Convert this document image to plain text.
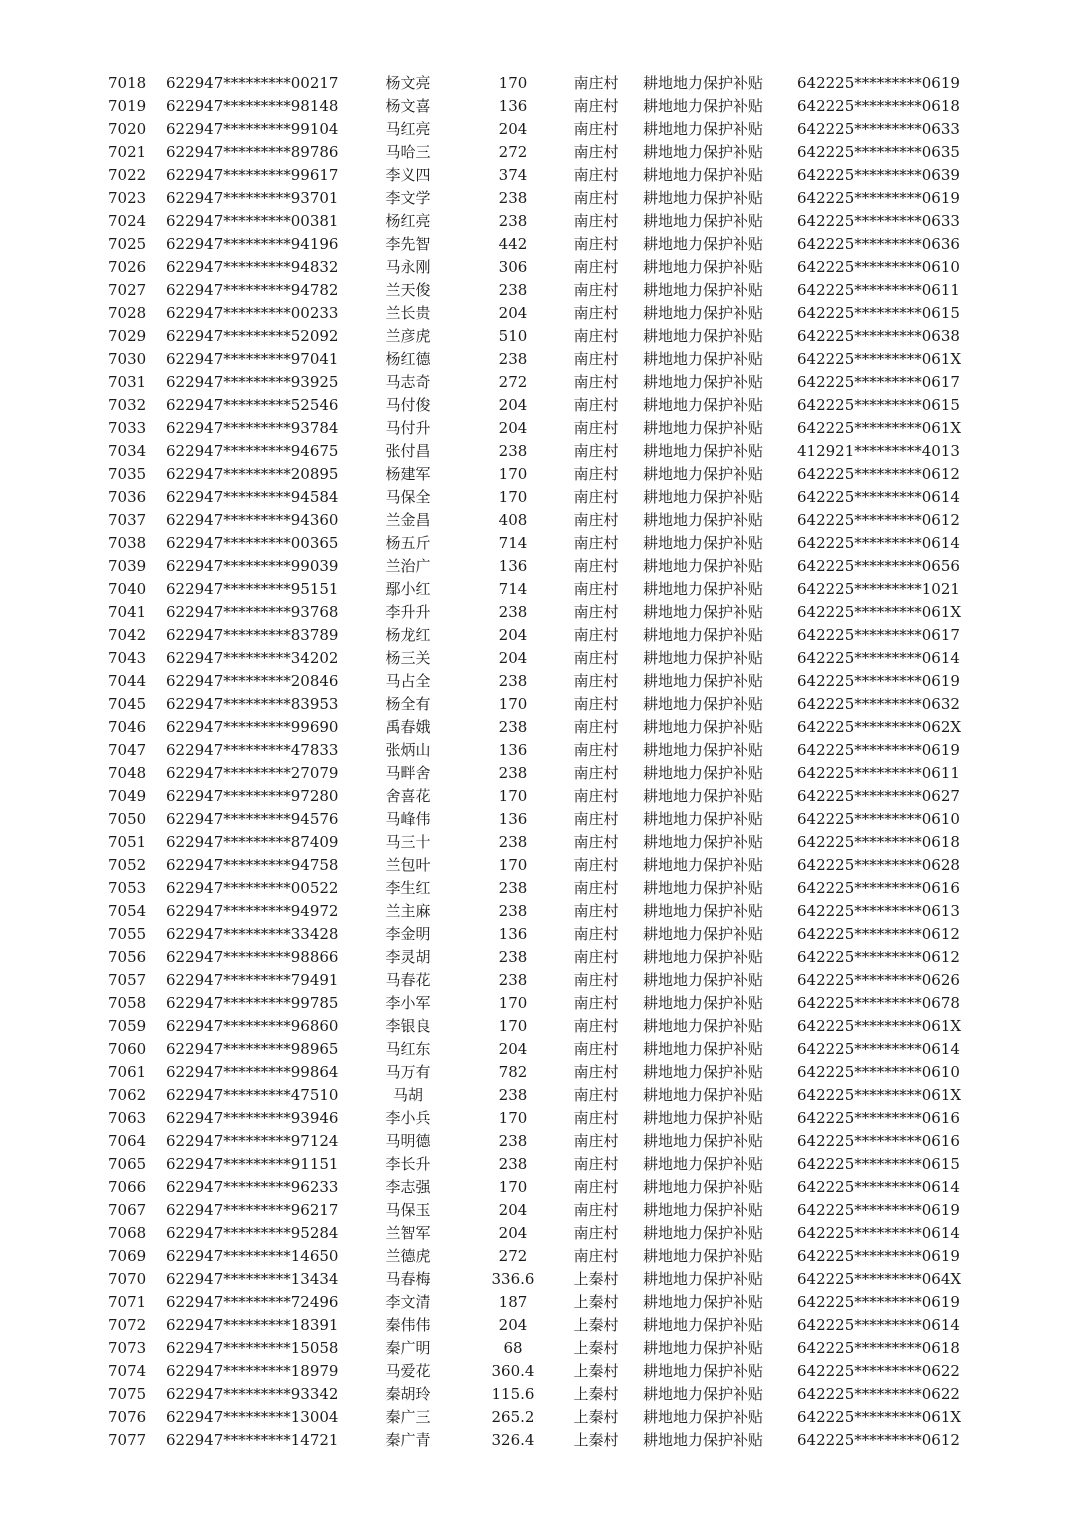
7018 622947*********00217	杨文亮	170	南庄村	耕地地力保护补贴	642225*********0619
7019 622947*********98148	杨文喜	136	南庄村	耕地地力保护补贴	642225*********0618
7020 622947*********99104	马红亮	204	南庄村	耕地地力保护补贴	642225*********0633
7021 622947*********89786	马哈三	272	南庄村	耕地地力保护补贴	642225*********0635
7022 622947*********99617	李义四	374	南庄村	耕地地力保护补贴	642225*********0639
7023 622947*********93701	李文学	238	南庄村	耕地地力保护补贴	642225*********0619
7024 622947*********00381	杨红亮	238	南庄村	耕地地力保护补贴	642225*********0633
7025 622947*********94196	李先智	442	南庄村	耕地地力保护补贴	642225*********0636
7026 622947*********94832	马永刚	306	南庄村	耕地地力保护补贴	642225*********0610
7027 622947*********94782	兰天俊	238	南庄村	耕地地力保护补贴	642225*********0611
7028 622947*********00233	兰长贵	204	南庄村	耕地地力保护补贴	642225*********0615
7029 622947*********52092	兰彦虎	510	南庄村	耕地地力保护补贴	642225*********0638
7030 622947*********97041	杨红德	238	南庄村	耕地地力保护补贴	642225*********061X
7031 622947*********93925	马志奇	272	南庄村	耕地地力保护补贴	642225*********0617
7032 622947*********52546	马付俊	204	南庄村	耕地地力保护补贴	642225*********0615
7033 622947*********93784	马付升	204	南庄村	耕地地力保护补贴	642225*********061X
7034 622947*********94675	张付昌	238	南庄村	耕地地力保护补贴	412921*********4013
7035 622947*********20895	杨建军	170	南庄村	耕地地力保护补贴	642225*********0612
7036 622947*********94584	马保全	170	南庄村	耕地地力保护补贴	642225*********0614
7037 622947*********94360	兰金昌	408	南庄村	耕地地力保护补贴	642225*********0612
7038 622947*********00365	杨五斤	714	南庄村	耕地地力保护补贴	642225*********0614
7039 622947*********99039	兰治广	136	南庄村	耕地地力保护补贴	642225*********0656
7040 622947*********95151	鄢小红	714	南庄村	耕地地力保护补贴	642225*********1021
7041 622947*********93768	李升升	238	南庄村	耕地地力保护补贴	642225*********061X
7042 622947*********83789	杨龙红	204	南庄村	耕地地力保护补贴	642225*********0617
7043 622947*********34202	杨三关	204	南庄村	耕地地力保护补贴	642225*********0614
7044 622947*********20846	马占全	238	南庄村	耕地地力保护补贴	642225*********0619
7045 622947*********83953	杨全有	170	南庄村	耕地地力保护补贴	642225*********0632
7046 622947*********99690	禹春娥	238	南庄村	耕地地力保护补贴	642225*********062X
7047 622947*********47833	张炳山	136	南庄村	耕地地力保护补贴	642225*********0619
7048 622947*********27079	马畔舍	238	南庄村	耕地地力保护补贴	642225*********0611
7049 622947*********97280	舍喜花	170	南庄村	耕地地力保护补贴	642225*********0627
7050 622947*********94576	马峰伟	136	南庄村	耕地地力保护补贴	642225*********0610
7051 622947*********87409	马三十	238	南庄村	耕地地力保护补贴	642225*********0618
7052 622947*********94758	兰包叶	170	南庄村	耕地地力保护补贴	642225*********0628
7053 622947*********00522	李生红	238	南庄村	耕地地力保护补贴	642225*********0616
7054 622947*********94972	兰主麻	238	南庄村	耕地地力保护补贴	642225*********0613
7055 622947*********33428	李金明	136	南庄村	耕地地力保护补贴	642225*********0612
7056 622947*********98866	李灵胡	238	南庄村	耕地地力保护补贴	642225*********0612
7057 622947*********79491	马春花	238	南庄村	耕地地力保护补贴	642225*********0626
7058 622947*********99785	李小军	170	南庄村	耕地地力保护补贴	642225*********0678
7059 622947*********96860	李银良	170	南庄村	耕地地力保护补贴	642225*********061X
7060 622947*********98965	马红东	204	南庄村	耕地地力保护补贴	642225*********0614
7061 622947*********99864	马万有	782	南庄村	耕地地力保护补贴	642225*********0610
7062 622947*********47510	马胡	238	南庄村	耕地地力保护补贴	642225*********061X
7063 622947*********93946	李小兵	170	南庄村	耕地地力保护补贴	642225*********0616
7064 622947*********97124	马明德	238	南庄村	耕地地力保护补贴	642225*********0616
7065 622947*********91151	李长升	238	南庄村	耕地地力保护补贴	642225*********0615
7066 622947*********96233	李志强	170	南庄村	耕地地力保护补贴	642225*********0614
7067 622947*********96217	马保玉	204	南庄村	耕地地力保护补贴	642225*********0619
7068 622947*********95284	兰智军	204	南庄村	耕地地力保护补贴	642225*********0614
7069 622947*********14650	兰德虎	272	南庄村	耕地地力保护补贴	642225*********0619
7070 622947*********13434	马春梅	336.6	上秦村	耕地地力保护补贴	642225*********064X
7071 622947*********72496	李文清	187	上秦村	耕地地力保护补贴	642225*********0619
7072 622947*********18391	秦伟伟	204	上秦村	耕地地力保护补贴	642225*********0614
7073 622947*********15058	秦广明	68	上秦村	耕地地力保护补贴	642225*********0618
7074 622947*********18979	马爱花	360.4	上秦村	耕地地力保护补贴	642225*********0622
7075 622947*********93342	秦胡玲	115.6	上秦村	耕地地力保护补贴	642225*********0622
7076 622947*********13004	秦广三	265.2	上秦村	耕地地力保护补贴	642225*********061X
7077 622947*********14721	秦广青	326.4	上秦村	耕地地力保护补贴	642225*********0612
